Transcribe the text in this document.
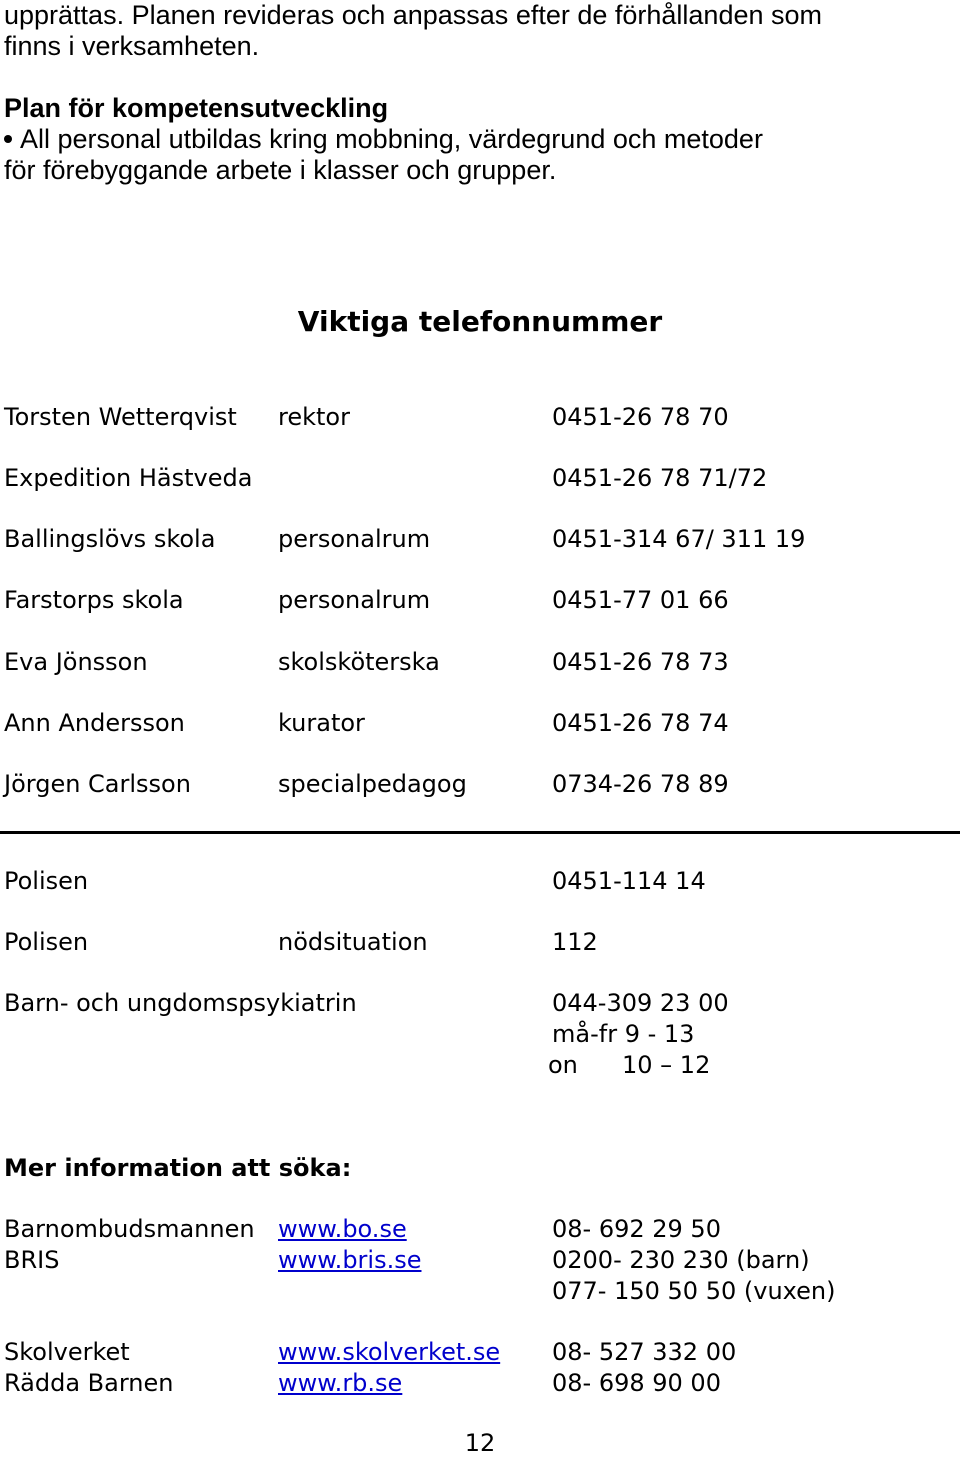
upprättas. Planen revideras och anpassas efter de förhållanden som
finns i verksamheten.
Plan för kompetensutveckling
All personal utbildas kring mobbning, värdegrund och metoder
för förebyggande arbete i klasser och grupper.
Viktiga telefonnummer
Torsten Wetterqvist rektor	0451-26 78 70
Expedition Hästveda	0451-26 78 71/72
Ballingslövs skola	personalrum	0451-314 67/ 311 19
Farstorps skola	personalrum	0451-77 01 66
Eva Jönsson	skolsköterska	0451-26 78 73
Ann Andersson	kurator	0451-26 78 74
Jörgen Carlsson	specialpedagog	0734-26 78 89
Polisen	0451-114 14
Polisen	nödsituation	112
Barn- och ungdomspsykiatrin	044-309 23 00
må-fr 9 - 13
on 10 – 12
Mer information att söka:
Barnombudsmannen www.bo.se	08- 692 29 50
BRIS	www.bris.se	0200- 230 230 (barn)
077- 150 50 50 (vuxen)
Skolverket	www.skolverket.se 08- 527 332 00
Rädda Barnen	www.rb.se	08- 698 90 00
12
